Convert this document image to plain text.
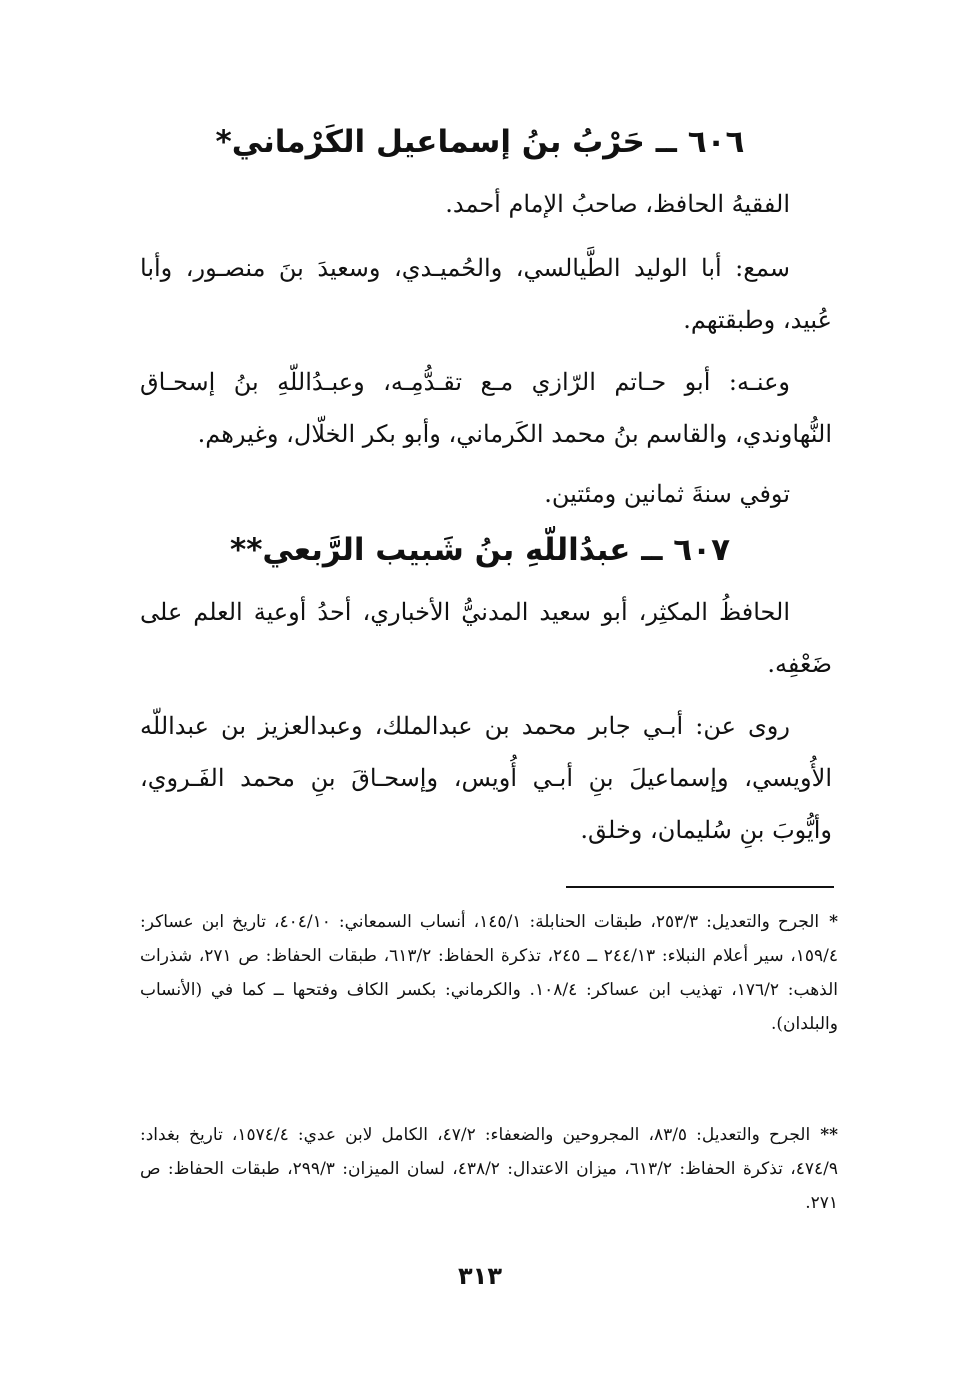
٦٠٦ ــ حَرْبُ بنُ إسماعيل الكَرْماني*

الفقيهُ الحافظ، صاحبُ الإمام أحمد.

سمع: أبا الوليد الطَّيالسي، والحُميـدي، وسعيدَ بنَ منصـور، وأبا عُبيد، وطبقتهم.

وعنـه: أبو حـاتم الرّازي مـع تقـدُّمِـه، وعبـدُاللّهِ بنُ إسحـاق النُّهاوندي، والقاسم بنُ محمد الكَرماني، وأبو بكر الخلّال، وغيرهم.

توفي سنةَ ثمانين ومئتين.

٦٠٧ ــ عبدُاللّهِ بنُ شَبيب الرَّبعي**

الحافظُ المكثِر، أبو سعيد المدنيُّ الأخباري، أحدُ أوعية العلم على ضَعْفِه.

روى عن: أبـي جابر محمد بن عبدالملك، وعبدالعزيز بن عبداللّه الأُويسي، وإسماعيلَ بنِ أبـي أُويس، وإسحـاقَ بنِ محمد الفَـروي، وأيُّوبَ بنِ سُليمان، وخلق.

*الجرح والتعديل: ٢٥٣/٣، طبقات الحنابلة: ١٤٥/١، أنساب السمعاني: ٤٠٤/١٠، تاريخ ابن عساكر: ١٥٩/٤، سير أعلام النبلاء: ٢٤٤/١٣ ــ ٢٤٥، تذكرة الحفاظ: ٦١٣/٢، طبقات الحفاظ: ص ٢٧١، شذرات الذهب: ١٧٦/٢، تهذيب ابن عساكر: ١٠٨/٤. والكرماني: بكسر الكاف وفتحها ــ كما في (الأنساب والبلدان).

**الجرح والتعديل: ٨٣/٥، المجروحين والضعفاء: ٤٧/٢، الكامل لابن عدي: ١٥٧٤/٤، تاريخ بغداد: ٤٧٤/٩، تذكرة الحفاظ: ٦١٣/٢، ميزان الاعتدال: ٤٣٨/٢، لسان الميزان: ٢٩٩/٣، طبقات الحفاظ: ص ٢٧١.

٣١٣
